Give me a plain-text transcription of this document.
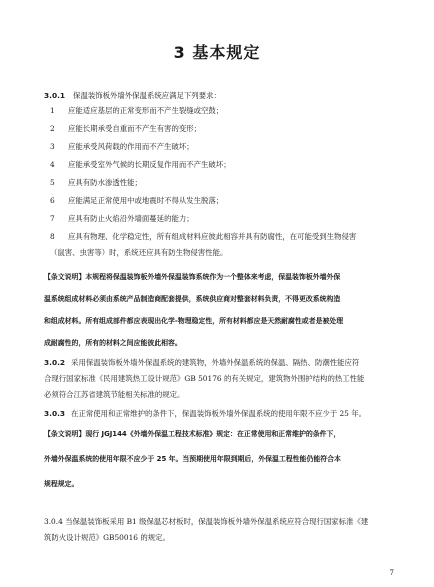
3 基本规定
3.0.1 保温装饰板外墙外保温系统应满足下列要求：
1 应能适应基层的正常变形而不产生裂缝或空鼓；
2 应能长期承受自重而不产生有害的变形；
3 应能承受风荷载的作用而不产生破坏；
4 应能承受室外气候的长期反复作用而不产生破坏；
5 应具有防水渗透性能；
6 应能满足正常使用中或地震时不得从发生脱落；
7 应具有防止火焰沿外墙面蔓延的能力；
8 应具有物理、化学稳定性，所有组成材料应彼此相容并具有防腐性，在可能受到生物侵害
（鼠害、虫害等）时，系统还应具有防生物侵害性能。
【条文说明】本规程将保温装饰板外墙外保温装饰系统作为一个整体来考虑，保温装饰板外墙外保
温系统组成材料必须由系统产品制造商配套提供，系统供应商对整套材料负责，不得更改系统构造
和组成材料。所有组成部件都应表现出化学-物理稳定性，所有材料都应是天然耐腐性或者是被处理
成耐腐性的，所有的材料之间应能彼此相容。
3.0.2 采用保温装饰板外墙外保温系统的建筑物，外墙外保温系统的保温、隔热、防潮性能应符
合现行国家标准《民用建筑热工设计规范》GB 50176 的有关规定，建筑物外围护结构的热工性能
必须符合江苏省建筑节能相关标准的规定。
3.0.3 在正常使用和正常维护的条件下，保温装饰板外墙外保温系统的使用年限不应少于 25 年。
【条文说明】现行 JGJ144《外墙外保温工程技术标准》规定：在正常使用和正常维护的条件下，
外墙外保温系统的使用年限不应少于 25 年。当预期使用年限到期后，外保温工程性能仍能符合本
规程规定。
3.0.4 当保温装饰板采用 B1 级保温芯材板时，保温装饰板外墙外保温系统应符合现行国家标准《建
筑防火设计规范》GB50016 的规定。
7
